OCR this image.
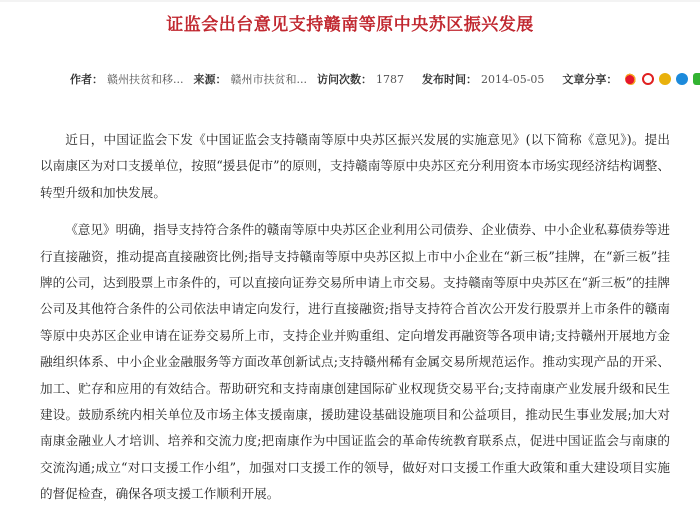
证监会出台意见支持赣南等原中央苏区振兴发展
作者： 赣州扶贫和移... 来源： 赣州市扶贫和... 访问次数： 1787 发布时间： 2014-05-05 文章分享：

近日，中国证监会下发《中国证监会支持赣南等原中央苏区振兴发展的实施意见》(以下简称《意见》)。提出以南康区为对口支援单位，按照“援县促市”的原则，支持赣南等原中央苏区充分利用资本市场实现经济结构调整、转型升级和加快发展。

《意见》明确，指导支持符合条件的赣南等原中央苏区企业利用公司债券、企业债券、中小企业私募债券等进行直接融资，推动提高直接融资比例;指导支持赣南等原中央苏区拟上市中小企业在“新三板”挂牌，在“新三板”挂牌的公司，达到股票上市条件的，可以直接向证券交易所申请上市交易。支持赣南等原中央苏区在“新三板”的挂牌公司及其他符合条件的公司依法申请定向发行，进行直接融资;指导支持符合首次公开发行股票并上市条件的赣南等原中央苏区企业申请在证券交易所上市，支持企业并购重组、定向增发再融资等各项申请;支持赣州开展地方金融组织体系、中小企业金融服务等方面改革创新试点;支持赣州稀有金属交易所规范运作。推动实现产品的开采、加工、贮存和应用的有效结合。帮助研究和支持南康创建国际矿业权现货交易平台;支持南康产业发展升级和民生建设。鼓励系统内相关单位及市场主体支援南康，援助建设基础设施项目和公益项目，推动民生事业发展;加大对南康金融业人才培训、培养和交流力度;把南康作为中国证监会的革命传统教育联系点，促进中国证监会与南康的交流沟通;成立“对口支援工作小组”，加强对口支援工作的领导，做好对口支援工作重大政策和重大建设项目实施的督促检查，确保各项支援工作顺利开展。
